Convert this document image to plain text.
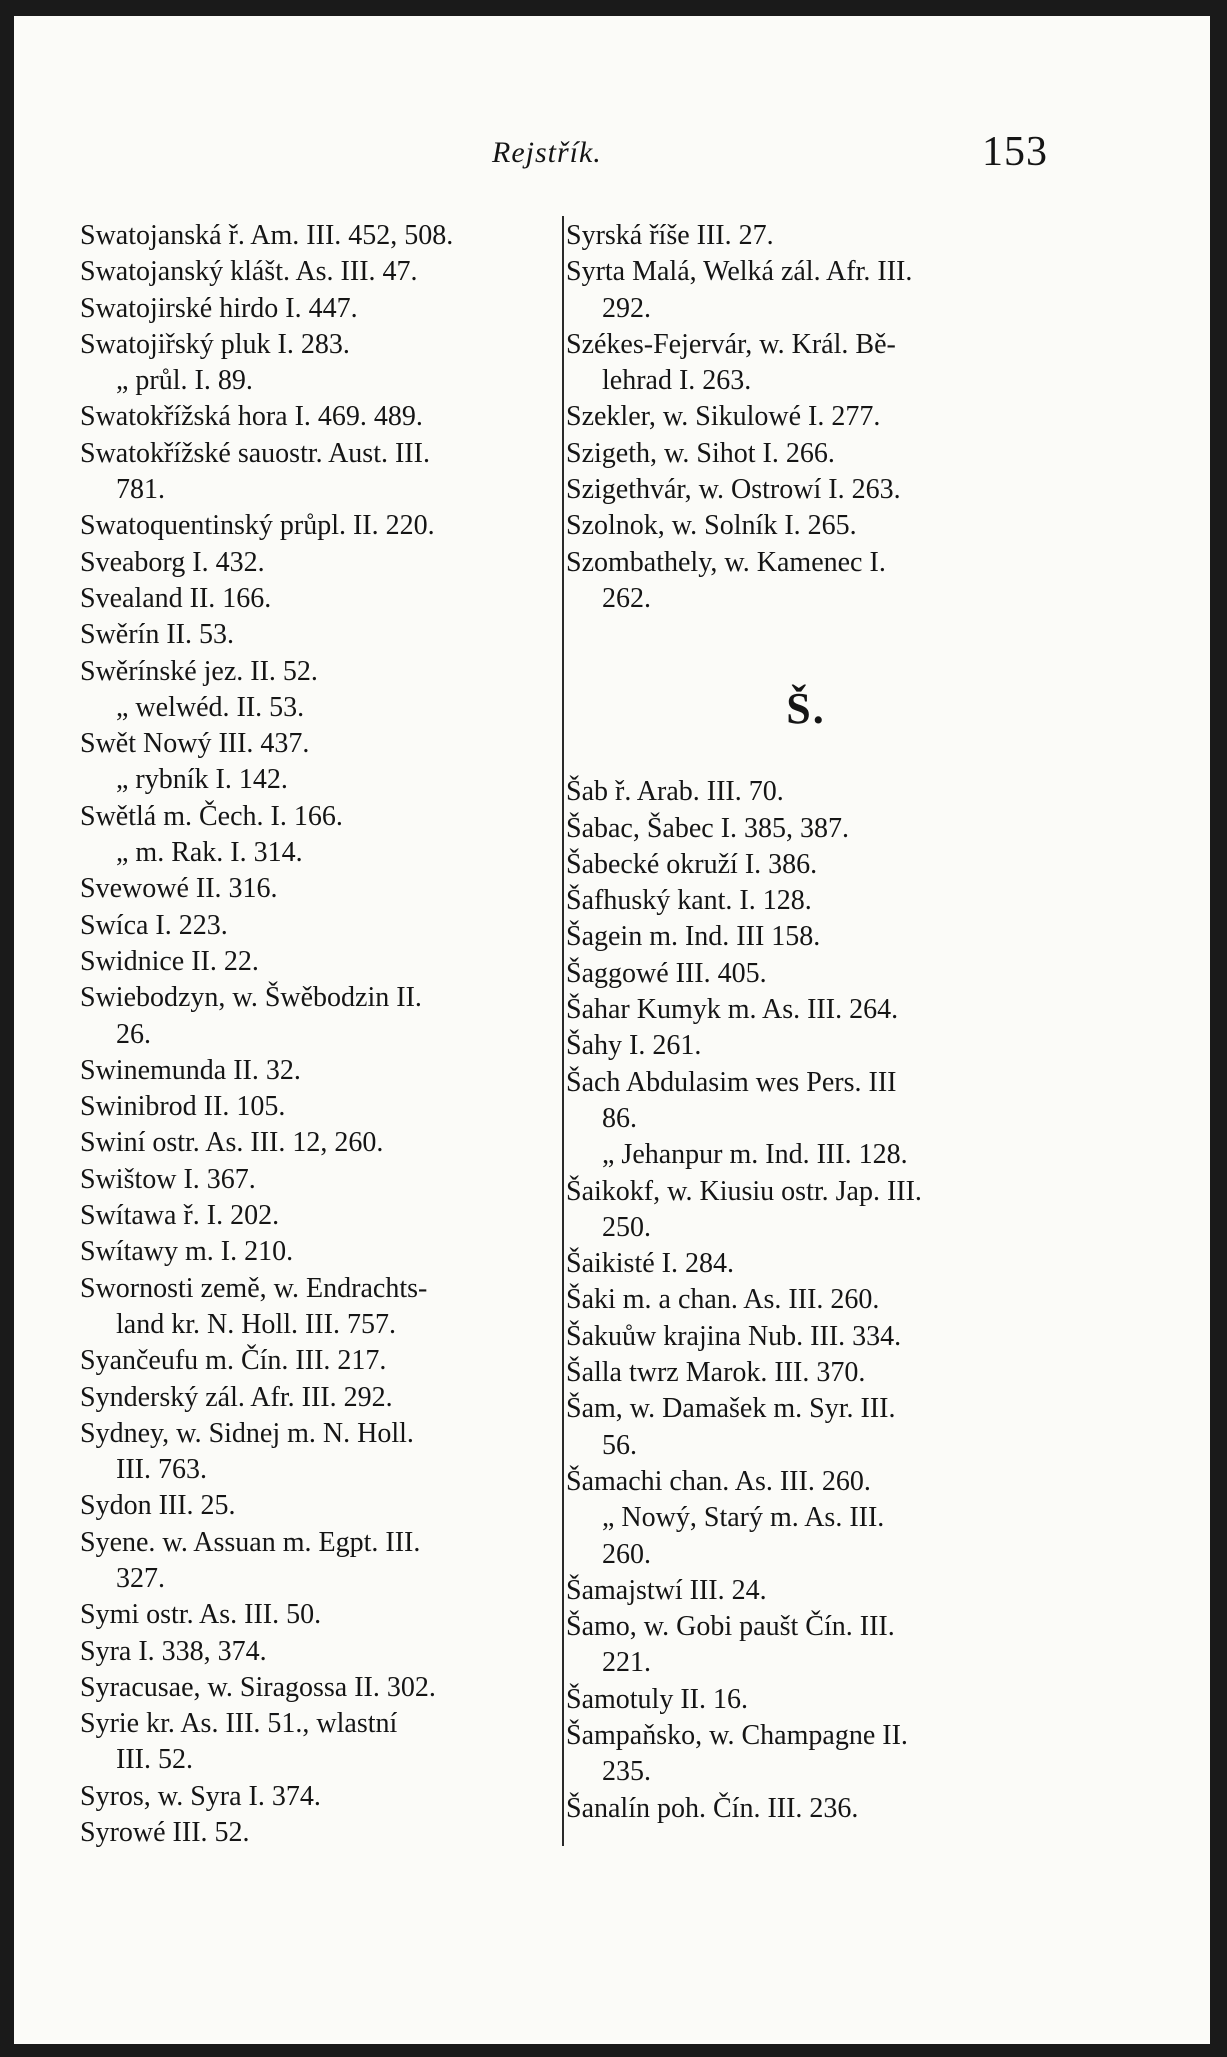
Rejstřík.	153
Swatojanská ř. Am. III. 452, 508.
Swatojanský klášt. As. III. 47.
Swatojirské hirdo I. 447.
Swatojiřský pluk I. 283.
„ průl. I. 89.
Swatokřížská hora I. 469. 489.
Swatokřížské sauostr. Aust. III.
781.
Swatoquentinský průpl. II. 220.
Sveaborg I. 432.
Svealand II. 166.
Swěrín II. 53.
Swěrínské jez. II. 52.
„ welwéd. II. 53.
Swět Nowý III. 437.
„ rybník I. 142.
Swětlá m. Čech. I. 166.
„ m. Rak. I. 314.
Svewowé II. 316.
Swíca I. 223.
Swidnice II. 22.
Swiebodzyn, w. Šwěbodzin II.
26.
Swinemunda II. 32.
Swinibrod II. 105.
Swiní ostr. As. III. 12, 260.
Swištow I. 367.
Swítawa ř. I. 202.
Swítawy m. I. 210.
Swornosti země, w. Endrachts-
land kr. N. Holl. III. 757.
Syančeufu m. Čín. III. 217.
Synderský zál. Afr. III. 292.
Sydney, w. Sidnej m. N. Holl.
III. 763.
Sydon III. 25.
Syene. w. Assuan m. Egpt. III.
327.
Symi ostr. As. III. 50.
Syra I. 338, 374.
Syracusae, w. Siragossa II. 302.
Syrie kr. As. III. 51., wlastní
III. 52.
Syros, w. Syra I. 374.
Syrowé III. 52.
Syrská říše III. 27.
Syrta Malá, Welká zál. Afr. III.
292.
Székes-Fejervár, w. Král. Bě-
lehrad I. 263.
Szekler, w. Sikulowé I. 277.
Szigeth, w. Sihot I. 266.
Szigethvár, w. Ostrowí I. 263.
Szolnok, w. Solník I. 265.
Szombathely, w. Kamenec I.
262.
Š.
Šab ř. Arab. III. 70.
Šabac, Šabec I. 385, 387.
Šabecké okruží I. 386.
Šafhuský kant. I. 128.
Šagein m. Ind. III 158.
Šaggowé III. 405.
Šahar Kumyk m. As. III. 264.
Šahy I. 261.
Šach Abdulasim wes Pers. III
86.
„ Jehanpur m. Ind. III. 128.
Šaikokf, w. Kiusiu ostr. Jap. III.
250.
Šaikisté I. 284.
Šaki m. a chan. As. III. 260.
Šakuůw krajina Nub. III. 334.
Šalla twrz Marok. III. 370.
Šam, w. Damašek m. Syr. III.
56.
Šamachi chan. As. III. 260.
„ Nowý, Starý m. As. III.
260.
Šamajstwí III. 24.
Šamo, w. Gobi paušt Čín. III.
221.
Šamotuly II. 16.
Šampaňsko, w. Champagne II.
235.
Šanalín poh. Čín. III. 236.
